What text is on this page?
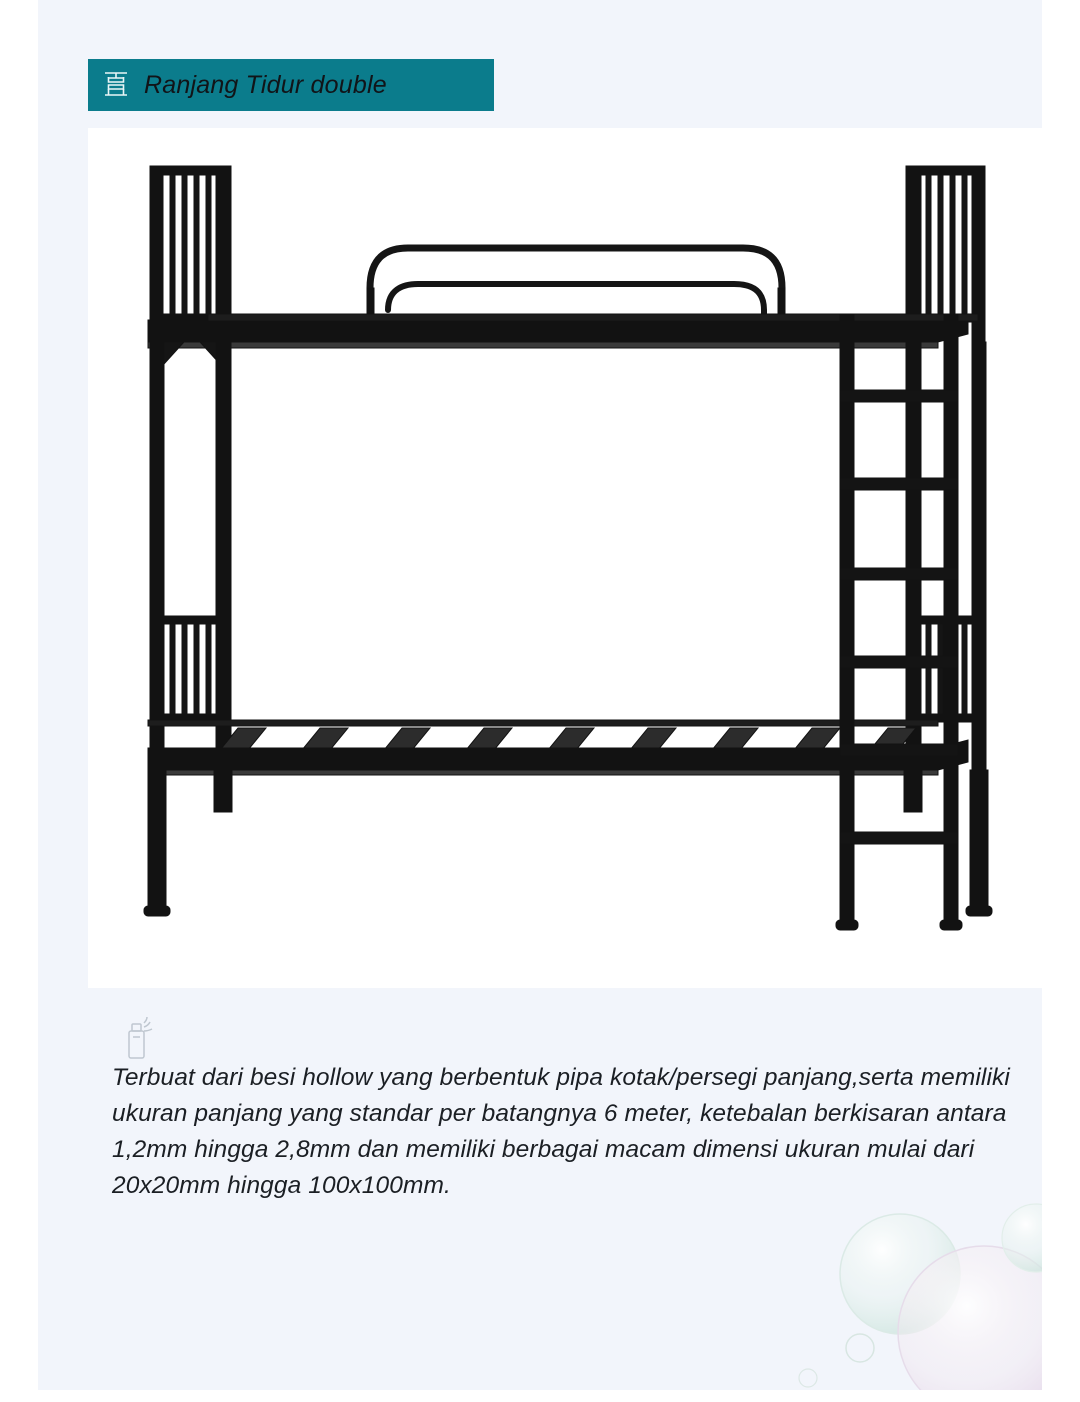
Ranjang Tidur double
Terbuat dari besi hollow yang berbentuk pipa kotak/persegi panjang,serta memiliki ukuran panjang yang standar per batangnya 6 meter, ketebalan berkisaran antara 1,2mm hingga 2,8mm dan memiliki berbagai macam dimensi ukuran mulai dari 20x20mm hingga 100x100mm.
